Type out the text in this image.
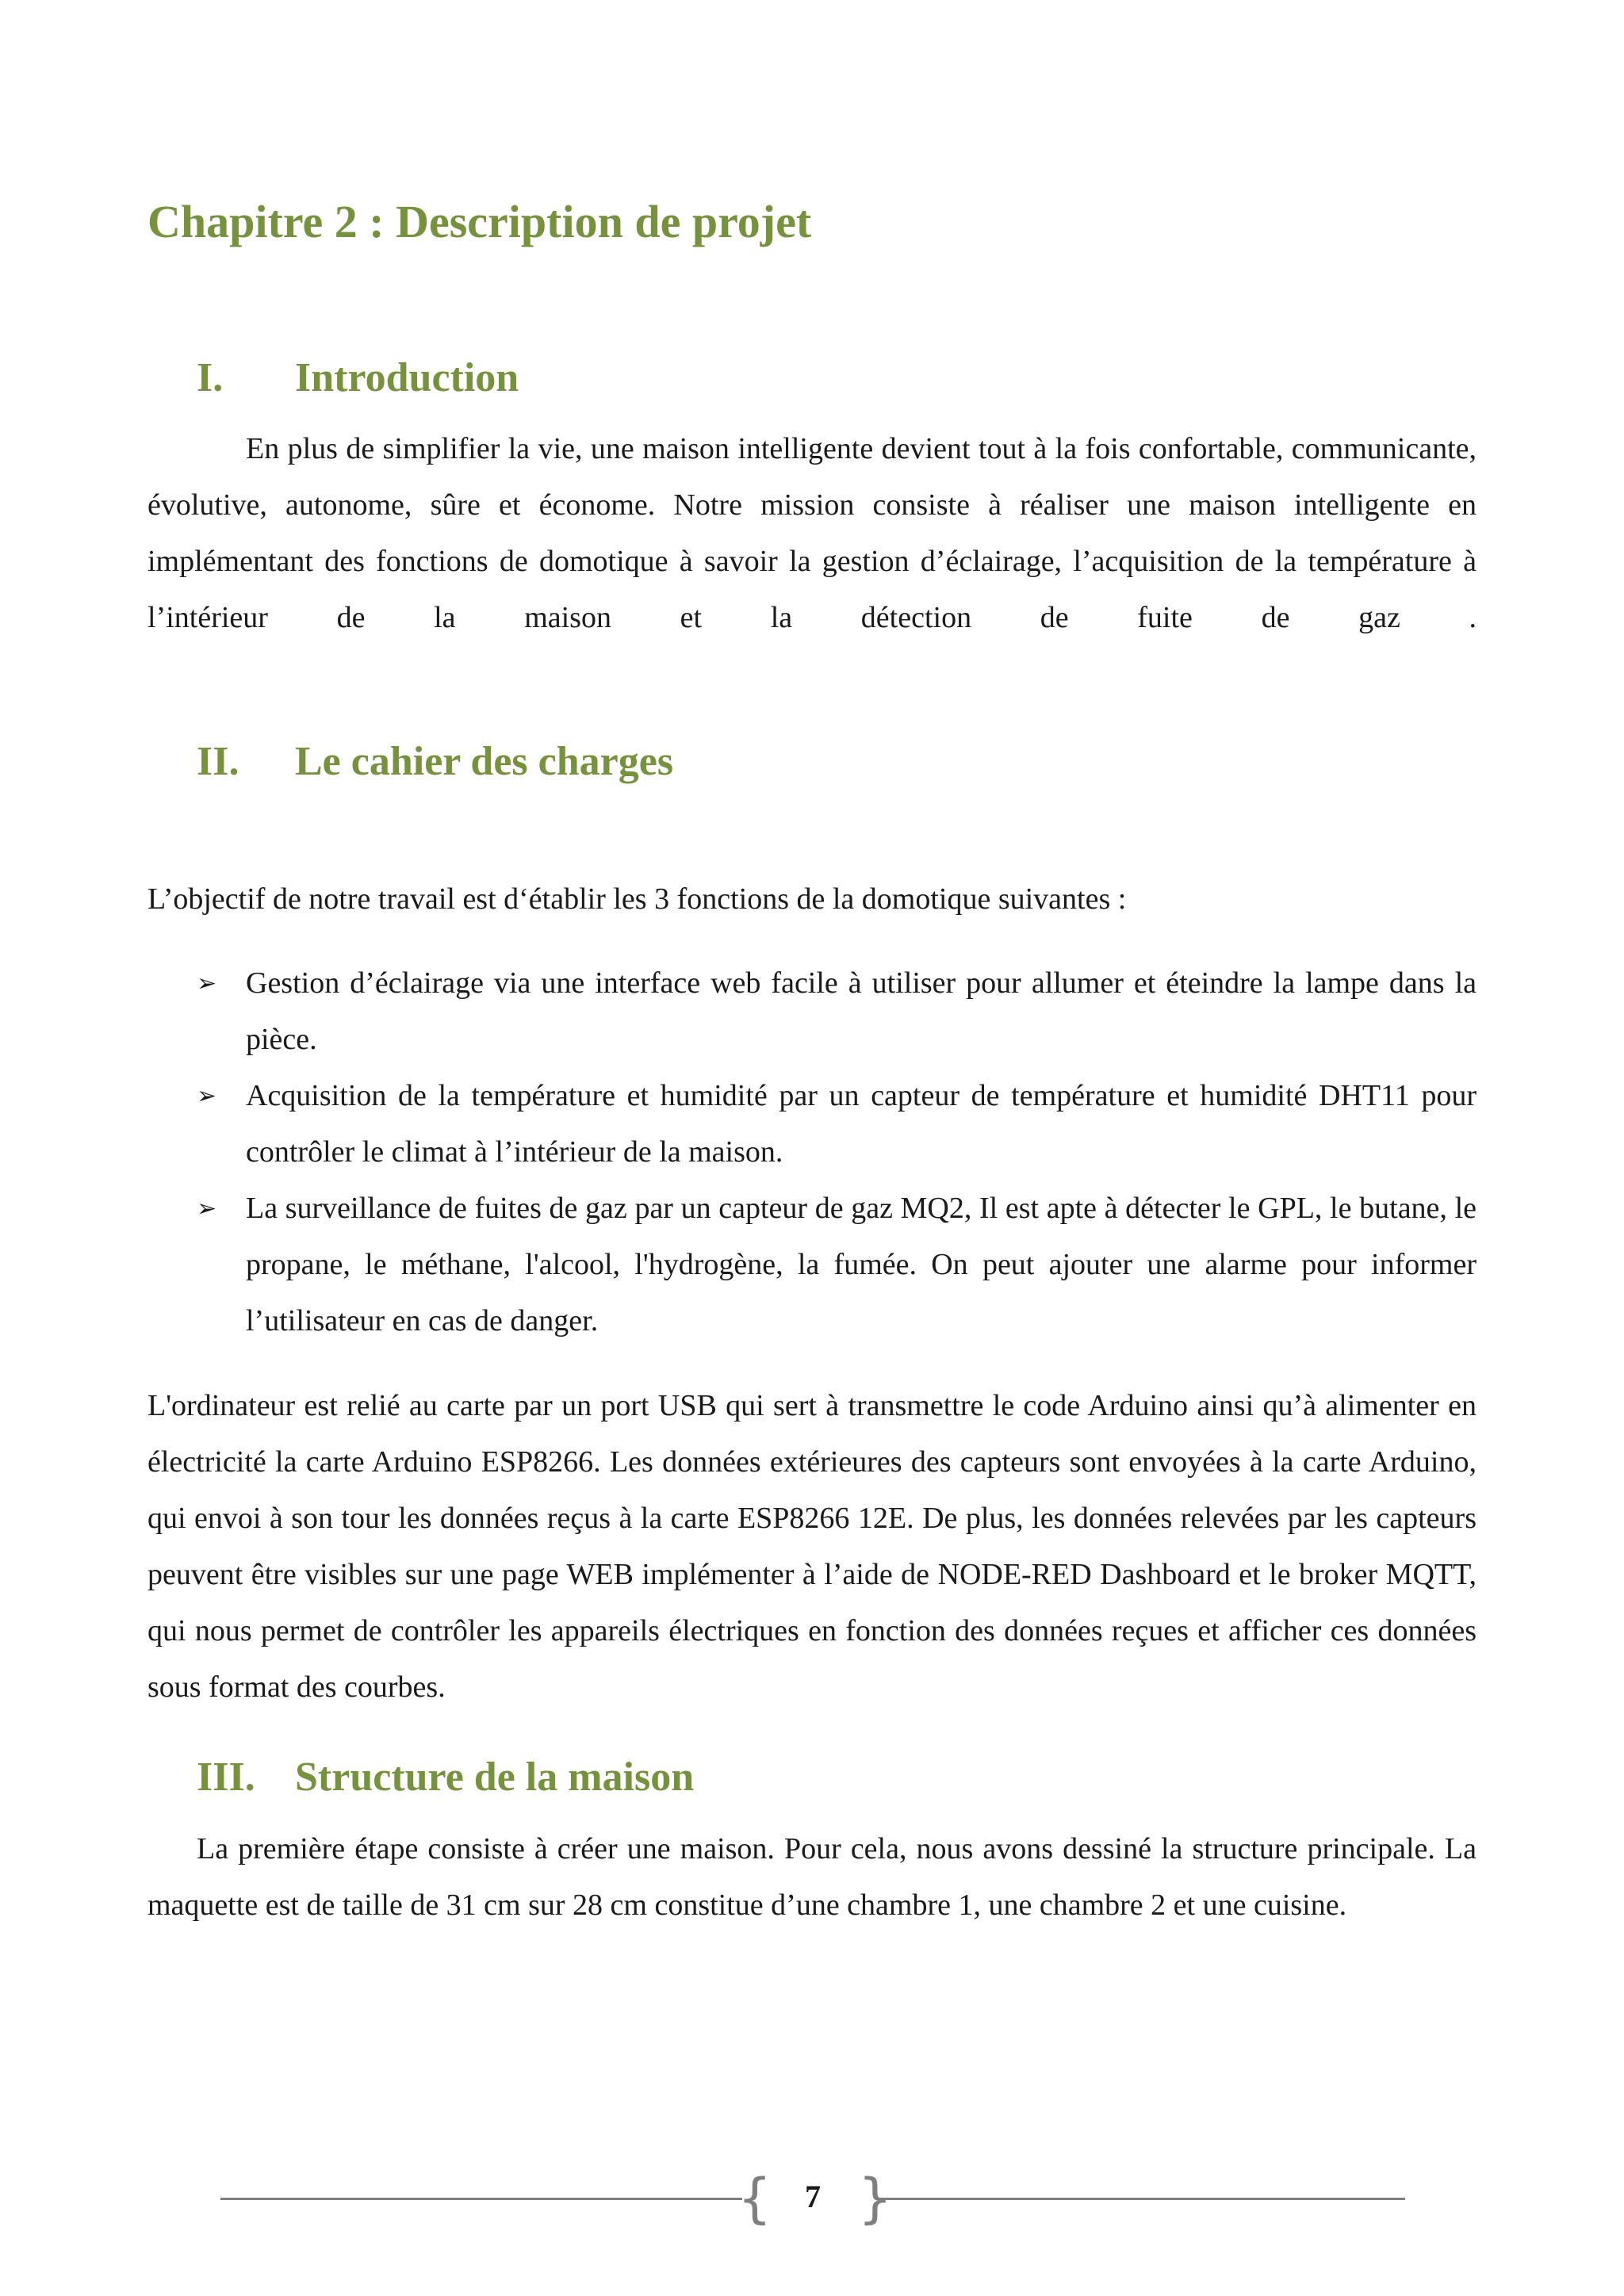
Chapitre 2 : Description de projet
I. Introduction

En plus de simplifier la vie, une maison intelligente devient tout à la fois confortable, communicante, évolutive, autonome, sûre et économe. Notre mission consiste à réaliser une maison intelligente en implémentant des fonctions de domotique à savoir la gestion d’éclairage, l’acquisition de la température à l’intérieur de la maison et la détection de fuite de gaz .

II. Le cahier des charges

L’objectif de notre travail est d‘établir les 3 fonctions de la domotique suivantes :

➢ Gestion d’éclairage via une interface web facile à utiliser pour allumer et éteindre la lampe dans la pièce.
➢ Acquisition de la température et humidité par un capteur de température et humidité DHT11 pour contrôler le climat à l’intérieur de la maison.
➢ La surveillance de fuites de gaz par un capteur de gaz MQ2, Il est apte à détecter le GPL, le butane, le propane, le méthane, l'alcool, l'hydrogène, la fumée. On peut ajouter une alarme pour informer l’utilisateur en cas de danger.

L'ordinateur est relié au carte par un port USB qui sert à transmettre le code Arduino ainsi qu’à alimenter en électricité la carte Arduino ESP8266. Les données extérieures des capteurs sont envoyées à la carte Arduino, qui envoi à son tour les données reçus à la carte ESP8266 12E. De plus, les données relevées par les capteurs peuvent être visibles sur une page WEB implémenter à l’aide de NODE-RED Dashboard et le broker MQTT, qui nous permet de contrôler les appareils électriques en fonction des données reçues et afficher ces données sous format des courbes.

III. Structure de la maison

La première étape consiste à créer une maison. Pour cela, nous avons dessiné la structure principale. La maquette est de taille de 31 cm sur 28 cm constitue d’une chambre 1, une chambre 2 et une cuisine.

{ }
7
